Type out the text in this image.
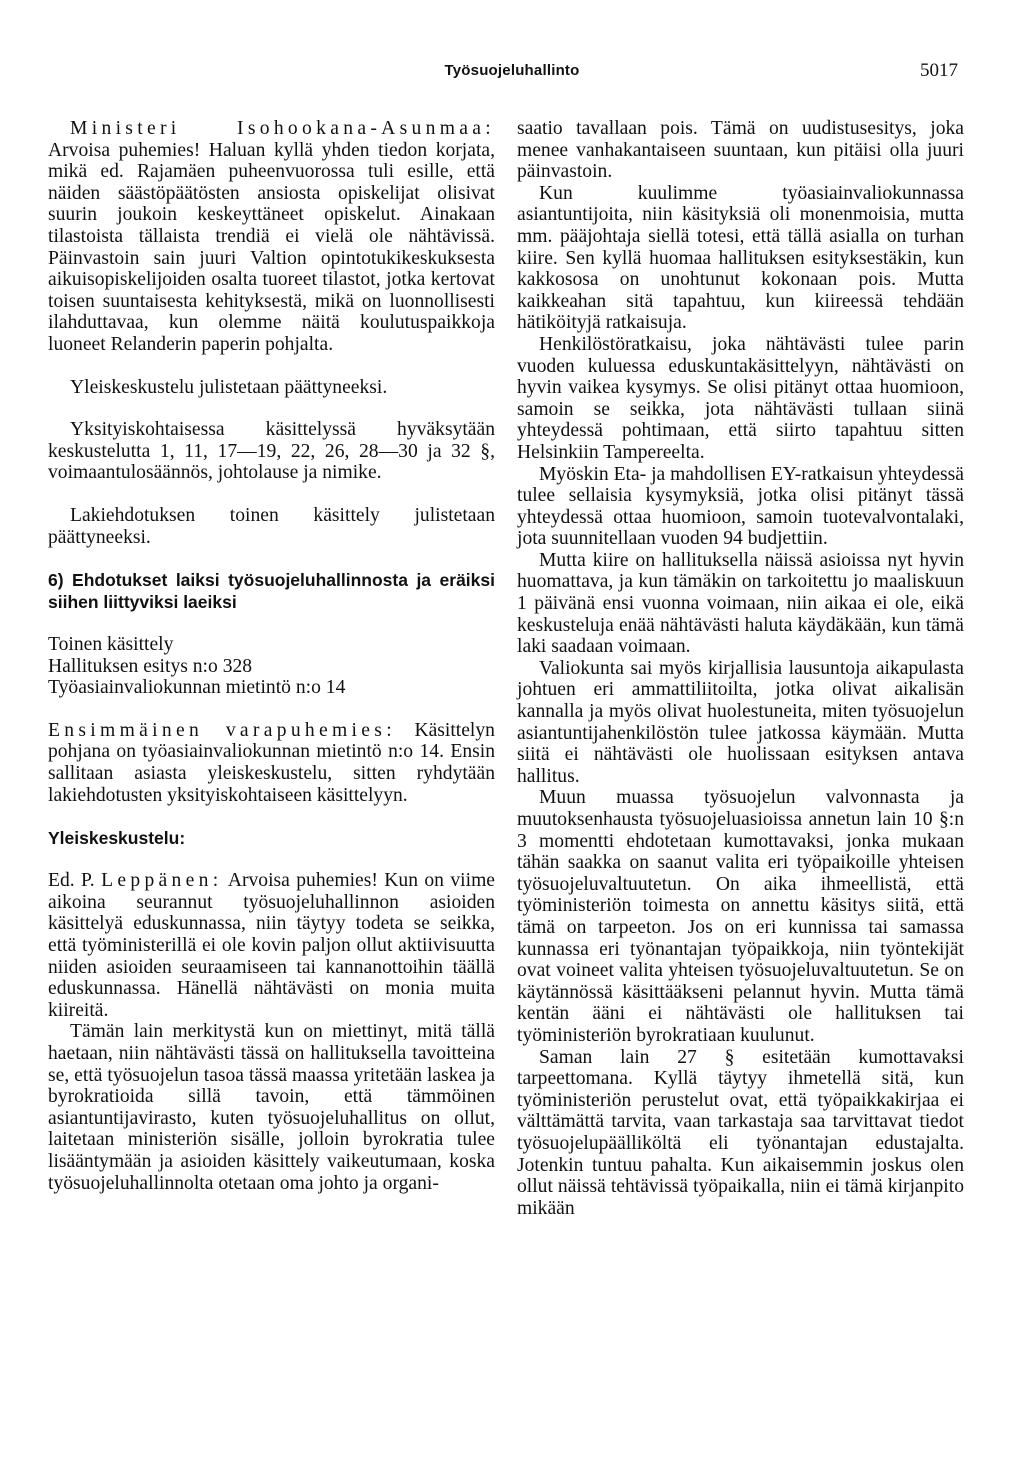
Työsuojeluhallinto	5017

Ministeri Isohookana-Asunmaa: Arvoisa puhemies! Haluan kyllä yhden tiedon korjata, mikä ed. Rajamäen puheenvuorossa tuli esille, että näiden säästöpäätösten ansiosta opiskelijat olisivat suurin joukoin keskeyttäneet opiskelut. Ainakaan tilastoista tällaista trendiä ei vielä ole nähtävissä. Päinvastoin sain juuri Valtion opintotukikeskuksesta aikuisopiskelijoiden osalta tuoreet tilastot, jotka kertovat toisen suuntaisesta kehityksestä, mikä on luonnollisesti ilahduttavaa, kun olemme näitä koulutuspaikkoja luoneet Relanderin paperin pohjalta.

Yleiskeskustelu julistetaan päättyneeksi.

Yksityiskohtaisessa käsittelyssä hyväksytään keskustelutta 1, 11, 17—19, 22, 26, 28—30 ja 32 §, voimaantulosäännös, johtolause ja nimike.

Lakiehdotuksen toinen käsittely julistetaan päättyneeksi.

6) Ehdotukset laiksi työsuojeluhallinnosta ja eräiksi siihen liittyviksi laeiksi
Toinen käsittely
Hallituksen esitys n:o 328
Työasiainvaliokunnan mietintö n:o 14

Ensimmäinen varapuhemies: Käsittelyn pohjana on työasiainvaliokunnan mietintö n:o 14. Ensin sallitaan asiasta yleiskeskustelu, sitten ryhdytään lakiehdotusten yksityiskohtaiseen käsittelyyn.

Yleiskeskustelu:

Ed. P. Leppänen: Arvoisa puhemies! Kun on viime aikoina seurannut työsuojeluhallinnon asioiden käsittelyä eduskunnassa, niin täytyy todeta se seikka, että työministerillä ei ole kovin paljon ollut aktiivisuutta niiden asioiden seuraamiseen tai kannanottoihin täällä eduskunnassa. Hänellä nähtävästi on monia muita kiireitä.

Tämän lain merkitystä kun on miettinyt, mitä tällä haetaan, niin nähtävästi tässä on hallituksella tavoitteina se, että työsuojelun tasoa tässä maassa yritetään laskea ja byrokratioida sillä tavoin, että tämmöinen asiantuntijavirasto, kuten työsuojeluhallitus on ollut, laitetaan ministeriön sisälle, jolloin byrokratia tulee lisääntymään ja asioiden käsittely vaikeutumaan, koska työsuojeluhallinnolta otetaan oma johto ja organi-

saatio tavallaan pois. Tämä on uudistusesitys, joka menee vanhakantaiseen suuntaan, kun pitäisi olla juuri päinvastoin.

Kun kuulimme työasiainvaliokunnassa asiantuntijoita, niin käsityksiä oli monenmoisia, mutta mm. pääjohtaja siellä totesi, että tällä asialla on turhan kiire. Sen kyllä huomaa hallituksen esityksestäkin, kun kakkososa on unohtunut kokonaan pois. Mutta kaikkeahan sitä tapahtuu, kun kiireessä tehdään hätiköityjä ratkaisuja.

Henkilöstöratkaisu, joka nähtävästi tulee parin vuoden kuluessa eduskuntakäsittelyyn, nähtävästi on hyvin vaikea kysymys. Se olisi pitänyt ottaa huomioon, samoin se seikka, jota nähtävästi tullaan siinä yhteydessä pohtimaan, että siirto tapahtuu sitten Helsinkiin Tampereelta.

Myöskin Eta- ja mahdollisen EY-ratkaisun yhteydessä tulee sellaisia kysymyksiä, jotka olisi pitänyt tässä yhteydessä ottaa huomioon, samoin tuotevalvontalaki, jota suunnitellaan vuoden 94 budjettiin.

Mutta kiire on hallituksella näissä asioissa nyt hyvin huomattava, ja kun tämäkin on tarkoitettu jo maaliskuun 1 päivänä ensi vuonna voimaan, niin aikaa ei ole, eikä keskusteluja enää nähtävästi haluta käydäkään, kun tämä laki saadaan voimaan.

Valiokunta sai myös kirjallisia lausuntoja aikapulasta johtuen eri ammattiliitoilta, jotka olivat aikalisän kannalla ja myös olivat huolestuneita, miten työsuojelun asiantuntijahenkilöstön tulee jatkossa käymään. Mutta siitä ei nähtävästi ole huolissaan esityksen antava hallitus.

Muun muassa työsuojelun valvonnasta ja muutoksenhausta työsuojeluasioissa annetun lain 10 §:n 3 momentti ehdotetaan kumottavaksi, jonka mukaan tähän saakka on saanut valita eri työpaikoille yhteisen työsuojeluvaltuutetun. On aika ihmeellistä, että työministeriön toimesta on annettu käsitys siitä, että tämä on tarpeeton. Jos on eri kunnissa tai samassa kunnassa eri työnantajan työpaikkoja, niin työntekijät ovat voineet valita yhteisen työsuojeluvaltuutetun. Se on käytännössä käsittääkseni pelannut hyvin. Mutta tämä kentän ääni ei nähtävästi ole hallituksen tai työministeriön byrokratiaan kuulunut.

Saman lain 27 § esitetään kumottavaksi tarpeettomana. Kyllä täytyy ihmetellä sitä, kun työministeriön perustelut ovat, että työpaikkakirjaa ei välttämättä tarvita, vaan tarkastaja saa tarvittavat tiedot työsuojelupäälliköltä eli työnantajan edustajalta. Jotenkin tuntuu pahalta. Kun aikaisemmin joskus olen ollut näissä tehtävissä työpaikalla, niin ei tämä kirjanpito mikään
